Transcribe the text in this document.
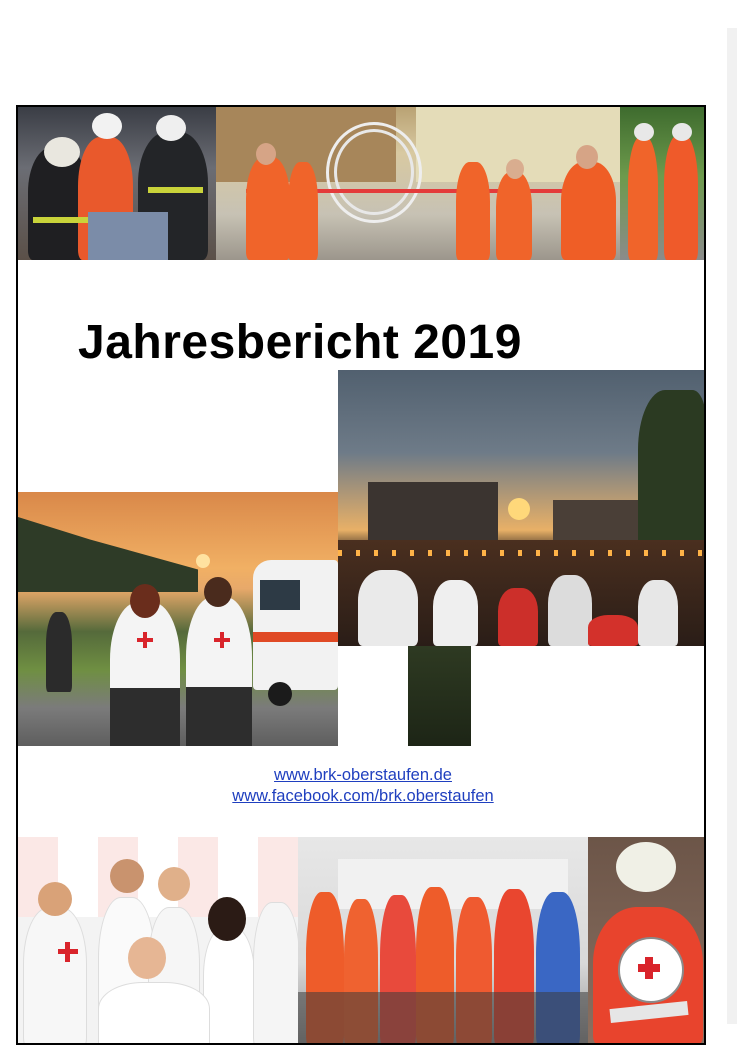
Jahresbericht 2019
www.brk-oberstaufen.de
www.facebook.com/brk.oberstaufen
